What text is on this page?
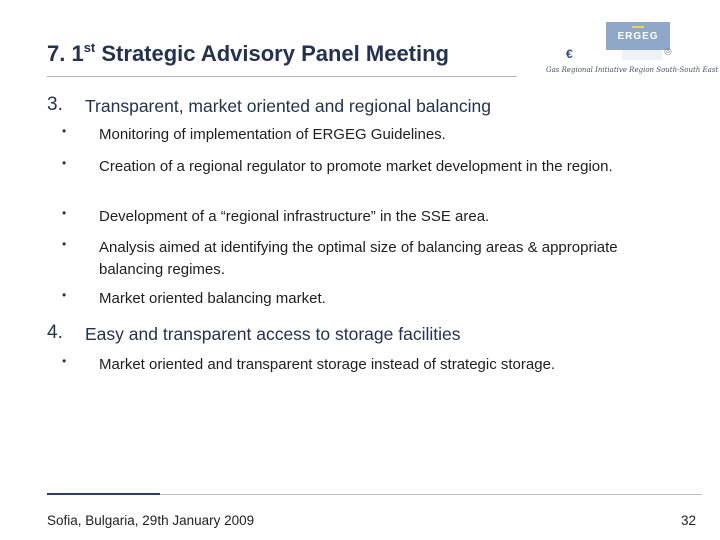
7. 1st Strategic Advisory Panel Meeting
ERGEG
€	◎
Gas Regional Initiative Region South-South East
3. Transparent, market oriented and regional balancing
• Monitoring of implementation of ERGEG Guidelines.
• Creation of a regional regulator to promote market development in the region.
• Development of a “regional infrastructure” in the SSE area.
• Analysis aimed at identifying the optimal size of balancing areas & appropriate balancing regimes.
• Market oriented balancing market.
4. Easy and transparent access to storage facilities
• Market oriented and transparent storage instead of strategic storage.
Sofia, Bulgaria, 29th January 2009	32
